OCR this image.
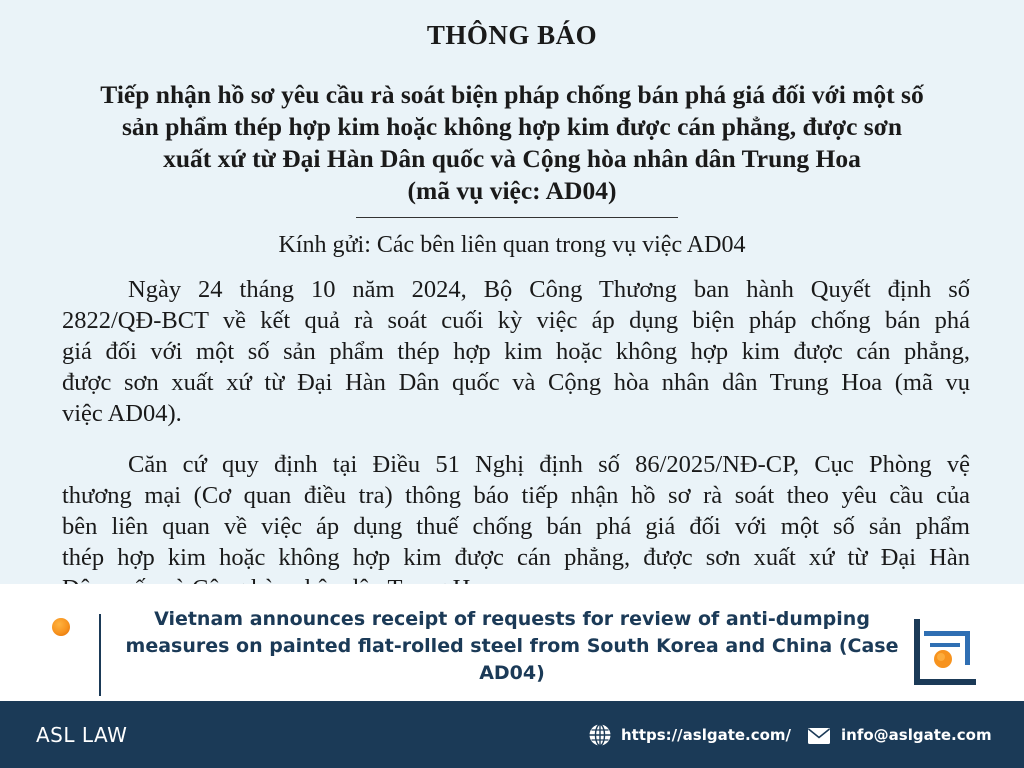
THÔNG BÁO
Tiếp nhận hồ sơ yêu cầu rà soát biện pháp chống bán phá giá đối với một số
sản phẩm thép hợp kim hoặc không hợp kim được cán phẳng, được sơn
xuất xứ từ Đại Hàn Dân quốc và Cộng hòa nhân dân Trung Hoa
(mã vụ việc: AD04)
Kính gửi: Các bên liên quan trong vụ việc AD04
Ngày 24 tháng 10 năm 2024, Bộ Công Thương ban hành Quyết định số
2822/QĐ-BCT về kết quả rà soát cuối kỳ việc áp dụng biện pháp chống bán phá
giá đối với một số sản phẩm thép hợp kim hoặc không hợp kim được cán phẳng,
được sơn xuất xứ từ Đại Hàn Dân quốc và Cộng hòa nhân dân Trung Hoa (mã vụ
việc AD04).
Căn cứ quy định tại Điều 51 Nghị định số 86/2025/NĐ-CP, Cục Phòng vệ
thương mại (Cơ quan điều tra) thông báo tiếp nhận hồ sơ rà soát theo yêu cầu của
bên liên quan về việc áp dụng thuế chống bán phá giá đối với một số sản phẩm
thép hợp kim hoặc không hợp kim được cán phẳng, được sơn xuất xứ từ Đại Hàn
Vietnam announces receipt of requests for review of anti-dumping measures on painted flat-rolled steel from South Korea and China (Case AD04)
ASL LAW	https://aslgate.com/	info@aslgate.com
